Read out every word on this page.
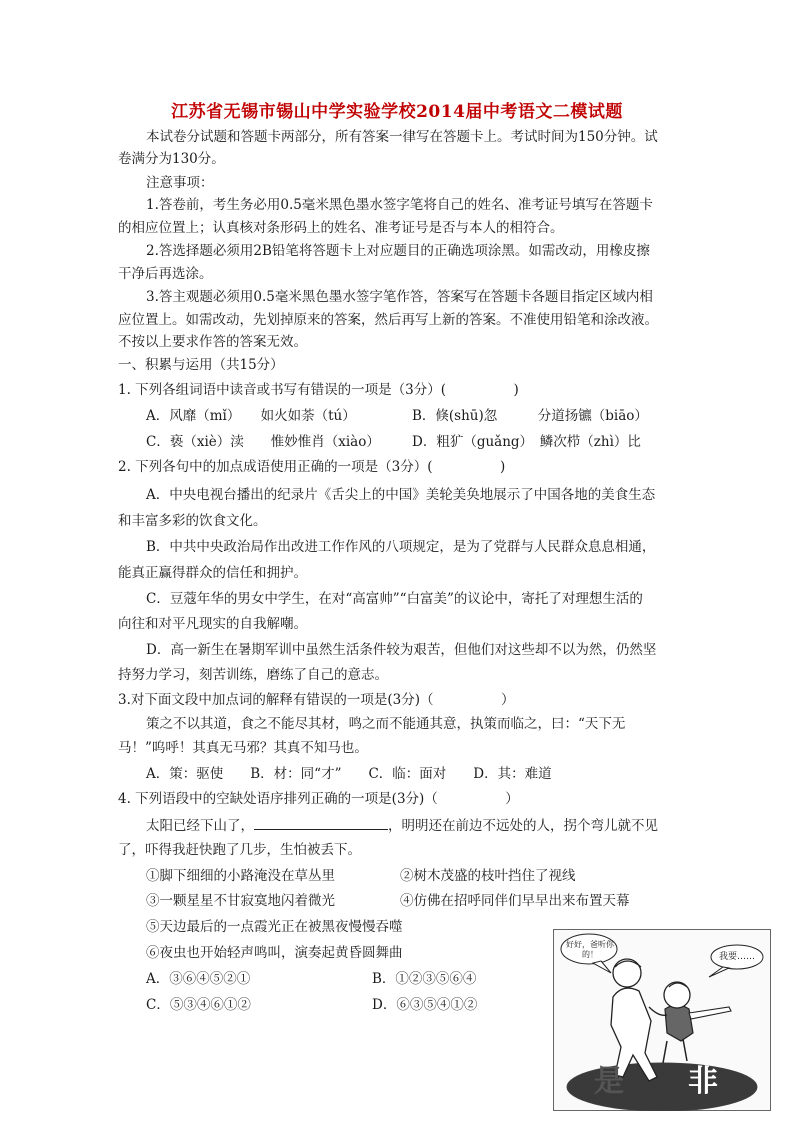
江苏省无锡市锡山中学实验学校2014届中考语文二模试题
本试卷分试题和答题卡两部分，所有答案一律写在答题卡上。考试时间为150分钟。试
卷满分为130分。
注意事项：
1.答卷前，考生务必用0.5毫米黑色墨水签字笔将自己的姓名、准考证号填写在答题卡
的相应位置上；认真核对条形码上的姓名、准考证号是否与本人的相符合。
2.答选择题必须用2B铅笔将答题卡上对应题目的正确选项涂黑。如需改动，用橡皮擦
干净后再选涂。
3.答主观题必须用0.5毫米黑色墨水签字笔作答，答案写在答题卡各题目指定区域内相
应位置上。如需改动，先划掉原来的答案，然后再写上新的答案。不准使用铅笔和涂改液。
不按以上要求作答的答案无效。
一、积累与运用（共15分）
1. 下列各组词语中读音或书写有错误的一项是（3分）(　　　　　)
A．风靡（mǐ）　　如火如荼（tú）	B．倏(shū)忽　　　分道扬镳（biāo）
C．亵（xiè）渎　　惟妙惟肖（xiào） D．粗犷（guǎng）　鳞次栉（zhì）比
2. 下列各句中的加点成语使用正确的一项是（3分）(　　　　　)
A．中央电视台播出的纪录片《舌尖上的中国》美轮美奂地展示了中国各地的美食生态
和丰富多彩的饮食文化。
B．中共中央政治局作出改进工作作风的八项规定，是为了党群与人民群众息息相通，
能真正赢得群众的信任和拥护。
C．豆蔻年华的男女中学生，在对“高富帅”“白富美”的议论中，寄托了对理想生活的
向往和对平凡现实的自我解嘲。
D．高一新生在暑期军训中虽然生活条件较为艰苦，但他们对这些却不以为然，仍然坚
持努力学习，刻苦训练，磨练了自己的意志。
3.对下面文段中加点词的解释有错误的一项是(3分)（　　　　　）
策之不以其道，食之不能尽其材，鸣之而不能通其意，执策而临之，曰：“天下无
马！”呜呼！其真无马邪？其真不知马也。
A．策：驱使　　B．材：同“才”　　C．临：面对　　D．其：难道
4. 下列语段中的空缺处语序排列正确的一项是(3分)（　　　　　）
太阳已经下山了，	，明明还在前边不远处的人，拐个弯儿就不见
了，吓得我赶快跑了几步，生怕被丢下。
①脚下细细的小路淹没在草丛里	②树木茂盛的枝叶挡住了视线
③一颗星星不甘寂寞地闪着微光	④仿佛在招呼同伴们早早出来布置天幕
⑤天边最后的一点霞光正在被黑夜慢慢吞噬
⑥夜虫也开始轻声鸣叫，演奏起黄昏圆舞曲
A．③⑥④⑤②①	B．①②③⑤⑥④
C．⑤③④⑥①②	D．⑥③⑤④①②
好好，爸听你的！	我要……
是 非
